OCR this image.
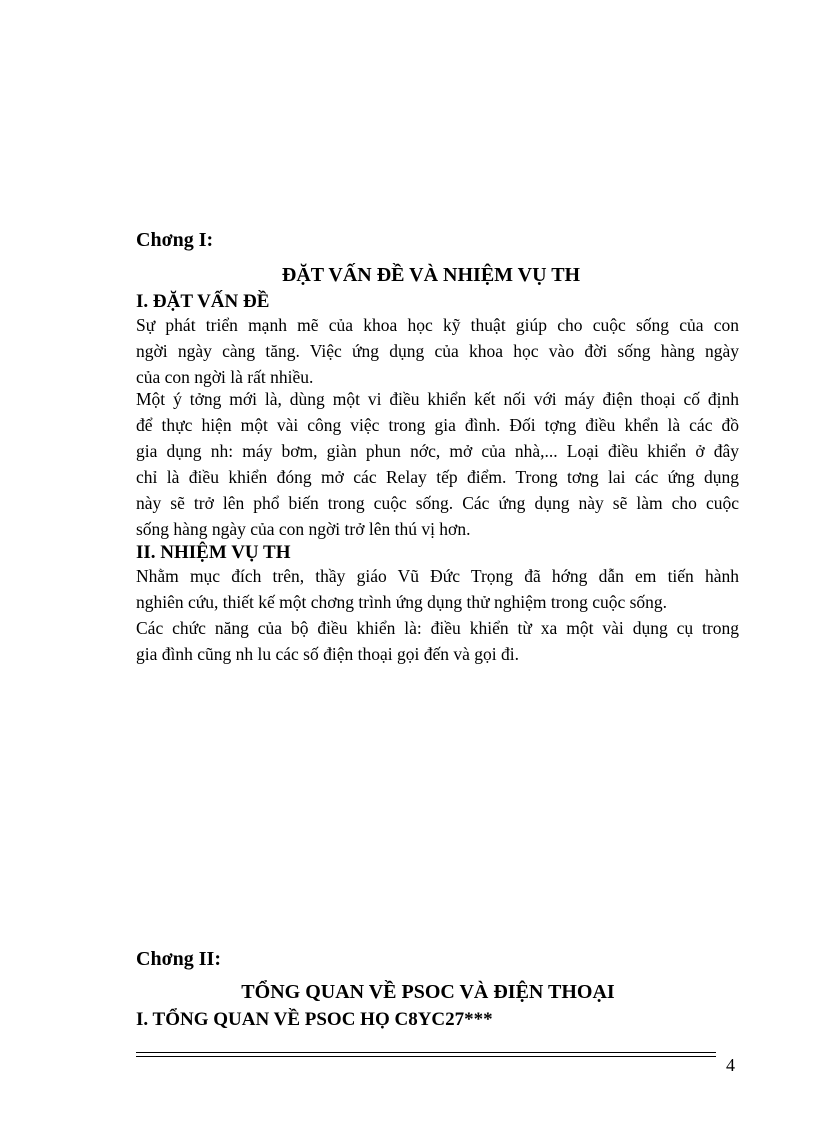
Chơng I:
ĐẶT VẤN ĐỀ VÀ NHIỆM VỤ TH
I. ĐẶT VẤN ĐỀ
Sự phát triển mạnh mẽ của khoa học kỹ thuật giúp cho cuộc sống của con
ngời ngày càng tăng. Việc ứng dụng của khoa học vào đời sống hàng ngày
của con ngời là rất nhiều.
Một ý tởng mới là, dùng một vi điều khiển kết nối với máy điện thoại cố định
để thực hiện một vài công việc trong gia đình. Đối tợng điều khển là các đồ
gia dụng nh: máy bơm, giàn phun nớc, mở của nhà,... Loại điều khiển ở đây
chỉ là điều khiển đóng mở các Relay tếp điểm. Trong tơng lai các ứng dụng
này sẽ trở lên phổ biến trong cuộc sống. Các ứng dụng này sẽ làm cho cuộc
sống hàng ngày của con ngời trở lên thú vị hơn.
II. NHIỆM VỤ TH
Nhằm mục đích trên, thầy giáo Vũ Đức Trọng đã hớng dẫn em tiến hành
nghiên cứu, thiết kế một chơng trình ứng dụng thử nghiệm trong cuộc sống.
Các chức năng của bộ điều khiển là: điều khiển từ xa một vài dụng cụ trong
gia đình cũng nh lu các số điện thoại gọi đến và gọi đi.
Chơng II:
TỔNG QUAN VỀ PSOC VÀ ĐIỆN THOẠI
I. TỔNG QUAN VỀ PSOC HỌ C8YC27***
4
